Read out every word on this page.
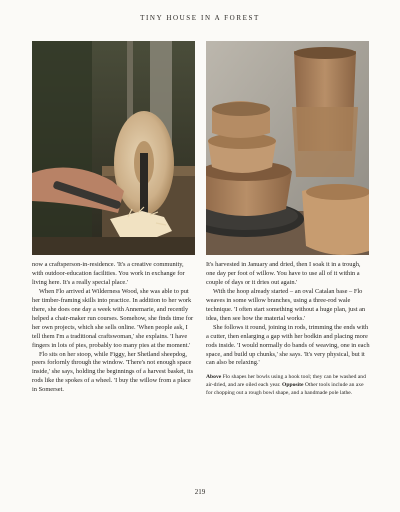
TINY HOUSE IN A FOREST

now a craftsperson-in-residence. 'It's a creative community, with outdoor-education facilities. You work in exchange for living here. It's a really special place.'

When Flo arrived at Wilderness Wood, she was able to put her timber-framing skills into practice. In addition to her work there, she does one day a week with Annemarie, and recently helped a chair-maker run courses. Somehow, she finds time for her own projects, which she sells online. 'When people ask, I tell them I'm a traditional craftswoman,' she explains. 'I have fingers in lots of pies, probably too many pies at the moment.'

Flo sits on her stoop, while Figgy, her Shetland sheepdog, peers forlornly through the window. 'There's not enough space inside,' she says, holding the beginnings of a harvest basket, its rods like the spokes of a wheel. 'I buy the willow from a place in Somerset.

It's harvested in January and dried, then I soak it in a trough, one day per foot of willow. You have to use all of it within a couple of days or it dries out again.'

With the hoop already started – an oval Catalan base – Flo weaves in some willow branches, using a three-rod wale technique. 'I often start something without a huge plan, just an idea, then see how the material works.'

She follows it round, joining in rods, trimming the ends with a cutter, then enlarging a gap with her bodkin and placing more rods inside. 'I would normally do bands of weaving, one in each space, and build up chunks,' she says. 'It's very physical, but it can also be relaxing.'

Above Flo shapes her bowls using a hook tool; they can be washed and air-dried, and are oiled each year. Opposite Other tools include an axe for chopping out a rough bowl shape, and a handmade pole lathe.
219
